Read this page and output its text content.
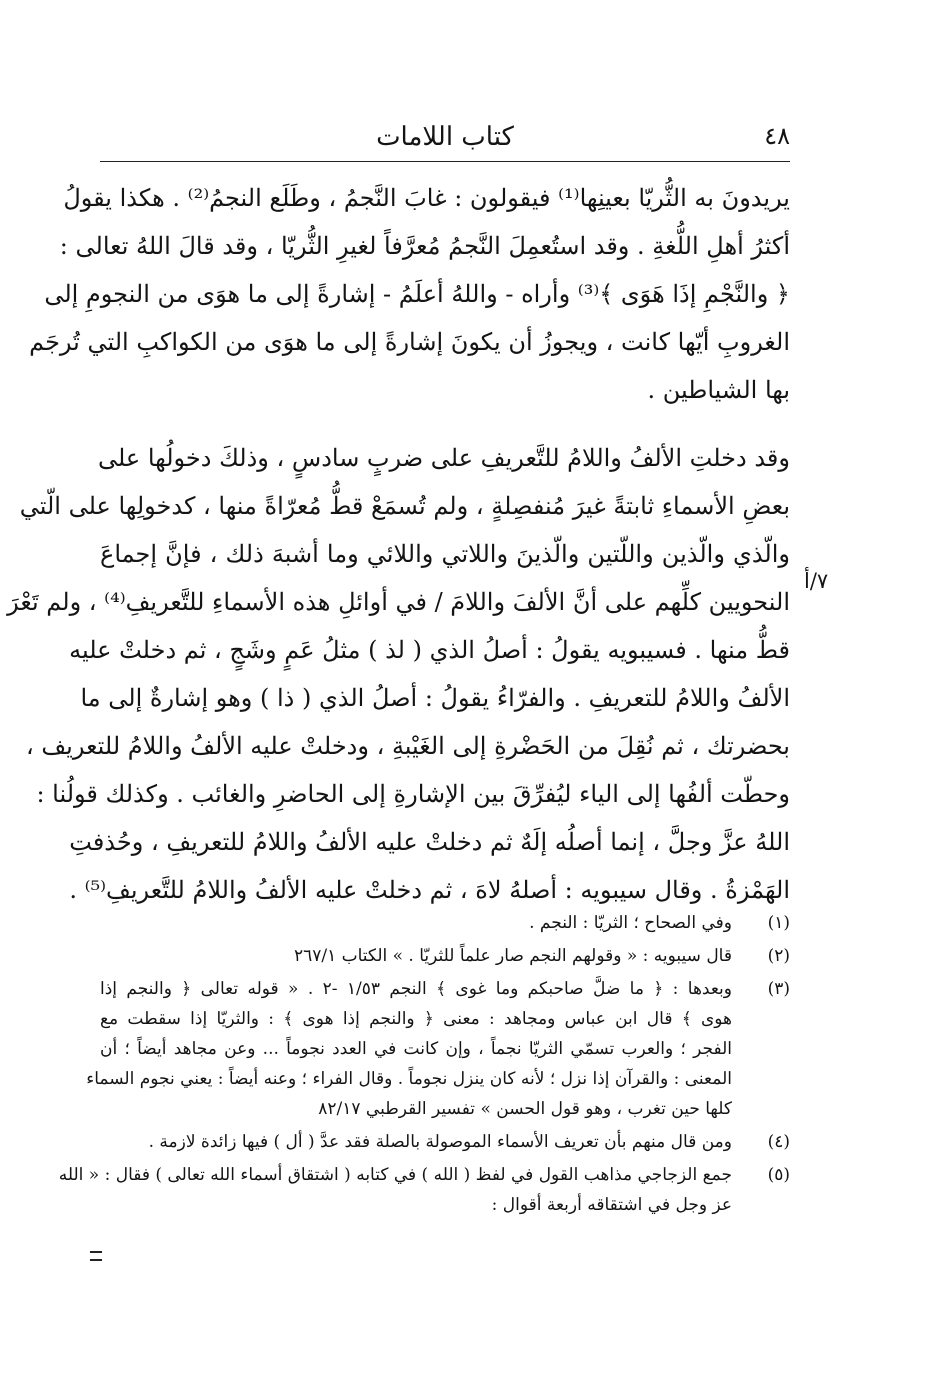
٤٨
كتاب اللامات
يريدونَ به الثُّريّا بعينِها⁽¹⁾ فيقولون : غابَ النَّجمُ ، وطَلَع النجمُ⁽²⁾ . هكذا يقولُ
أكثرُ أهلِ اللُّغةِ . وقد استُعمِلَ النَّجمُ مُعرَّفاً لغيرِ الثُّريّا ، وقد قالَ اللهُ تعالى :
﴿ والنَّجْمِ إذَا هَوَى ﴾⁽³⁾ وأراه - واللهُ أعلَمُ - إشارةً إلى ما هوَى من النجومِ إلى
الغروبِ أيّها كانت ، ويجوزُ أن يكونَ إشارةً إلى ما هوَى من الكواكبِ التي تُرجَم
بها الشياطين .
وقد دخلتِ الألفُ واللامُ للتَّعريفِ على ضربٍ سادسٍ ، وذلكَ دخولُها على
بعضِ الأسماءِ ثابتةً غيرَ مُنفصِلةٍ ، ولم تُسمَعْ قطُّ مُعرّاةً منها ، كدخولِها على الّتي
والّذي والّذين واللّتين والّذينَ واللاتي واللائي وما أشبهَ ذلك ، فإنَّ إجماعَ
النحويين كلِّهم على أنَّ الألفَ واللامَ / في أوائلِ هذه الأسماءِ للتَّعريفِ⁽⁴⁾ ، ولم تَعْرَ
قطُّ منها . فسيبويه يقولُ : أصلُ الذي ( لذ ) مثلُ عَمٍ وشَجٍ ، ثم دخلتْ عليه
الألفُ واللامُ للتعريفِ . والفرّاءُ يقولُ : أصلُ الذي ( ذا ) وهو إشارةٌ إلى ما
بحضرتك ، ثم نُقِلَ من الحَضْرةِ إلى الغَيْبةِ ، ودخلتْ عليه الألفُ واللامُ للتعريف ،
وحطّت ألفُها إلى الياء ليُفرِّقَ بين الإشارةِ إلى الحاضرِ والغائب . وكذلك قولُنا :
اللهُ عزَّ وجلَّ ، إنما أصلُه إلَهٌ ثم دخلتْ عليه الألفُ واللامُ للتعريفِ ، وحُذفتِ
الهَمْزةُ . وقال سيبويه : أصلهُ لاهَ ، ثم دخلتْ عليه الألفُ واللامُ للتَّعريفِ⁽⁵⁾ .
٧/أ
(١)
وفي الصحاح ؛ الثريّا : النجم .
(٢)
قال سيبويه : « وقولهم النجم صار علماً للثريّا . » الكتاب ٢٦٧/١
(٣)
وبعدها : ﴿ ما ضلَّ صاحبكم وما غوى ﴾ النجم ١/٥٣ -٢ . « قوله تعالى ﴿ والنجم إذا
هوى ﴾ قال ابن عباس ومجاهد : معنى ﴿ والنجم إذا هوى ﴾ : والثريّا إذا سقطت مع
الفجر ؛ والعرب تسمّي الثريّا نجماً ، وإن كانت في العدد نجوماً ... وعن مجاهد أيضاً ؛ أن
المعنى : والقرآن إذا نزل ؛ لأنه كان ينزل نجوماً . وقال الفراء ؛ وعنه أيضاً : يعني نجوم السماء
كلها حين تغرب ، وهو قول الحسن » تفسير القرطبي ٨٢/١٧
(٤)
ومن قال منهم بأن تعريف الأسماء الموصولة بالصلة فقد عدَّ ( أل ) فيها زائدة لازمة .
(٥)
جمع الزجاجي مذاهب القول في لفظ ( الله ) في كتابه ( اشتقاق أسماء الله تعالى ) فقال : « الله
عز وجل في اشتقاقه أربعة أقوال :
